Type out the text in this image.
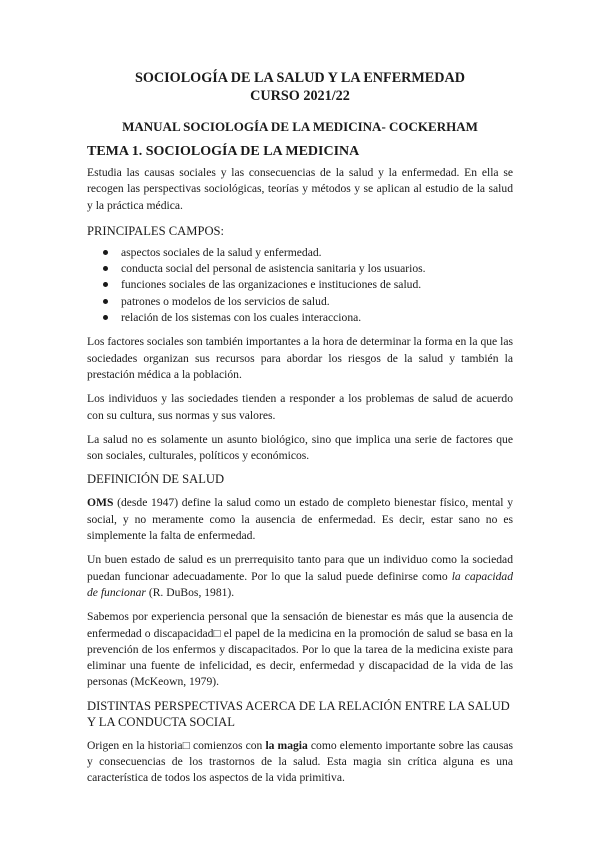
SOCIOLOGÍA DE LA SALUD Y LA ENFERMEDAD
CURSO 2021/22
MANUAL SOCIOLOGÍA DE LA MEDICINA- COCKERHAM
TEMA 1. SOCIOLOGÍA DE LA MEDICINA

Estudia las causas sociales y las consecuencias de la salud y la enfermedad. En ella se recogen las perspectivas sociológicas, teorías y métodos y se aplican al estudio de la salud y la práctica médica.

PRINCIPALES CAMPOS:
aspectos sociales de la salud y enfermedad.
conducta social del personal de asistencia sanitaria y los usuarios.
funciones sociales de las organizaciones e instituciones de salud.
patrones o modelos de los servicios de salud.
relación de los sistemas con los cuales interacciona.

Los factores sociales son también importantes a la hora de determinar la forma en la que las sociedades organizan sus recursos para abordar los riesgos de la salud y también la prestación médica a la población.

Los individuos y las sociedades tienden a responder a los problemas de salud de acuerdo con su cultura, sus normas y sus valores.

La salud no es solamente un asunto biológico, sino que implica una serie de factores que son sociales, culturales, políticos y económicos.

DEFINICIÓN DE SALUD

OMS (desde 1947) define la salud como un estado de completo bienestar físico, mental y social, y no meramente como la ausencia de enfermedad. Es decir, estar sano no es simplemente la falta de enfermedad.

Un buen estado de salud es un prerrequisito tanto para que un individuo como la sociedad puedan funcionar adecuadamente. Por lo que la salud puede definirse como la capacidad de funcionar (R. DuBos, 1981).

Sabemos por experiencia personal que la sensación de bienestar es más que la ausencia de enfermedad o discapacidad□ el papel de la medicina en la promoción de salud se basa en la prevención de los enfermos y discapacitados. Por lo que la tarea de la medicina existe para eliminar una fuente de infelicidad, es decir, enfermedad y discapacidad de la vida de las personas (McKeown, 1979).

DISTINTAS PERSPECTIVAS ACERCA DE LA RELACIÓN ENTRE LA SALUD Y LA CONDUCTA SOCIAL

Origen en la historia□ comienzos con la magia como elemento importante sobre las causas y consecuencias de los trastornos de la salud. Esta magia sin crítica alguna es una característica de todos los aspectos de la vida primitiva.
